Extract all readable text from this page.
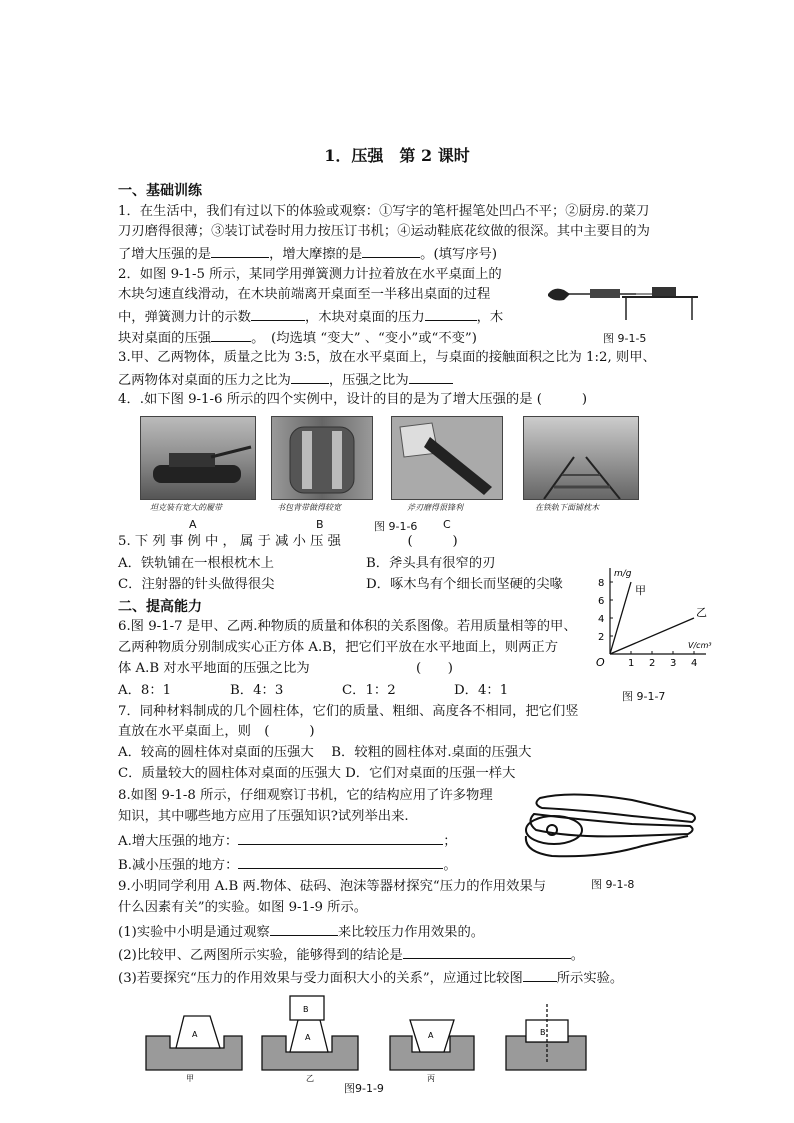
1．压强　第 2 课时
一、基础训练
1．在生活中，我们有过以下的体验或观察：①写字的笔杆握笔处凹凸不平；②厨房.的菜刀
刀刃磨得很薄；③装订试卷时用力按压订书机；④运动鞋底花纹做的很深。其中主要目的为
了增大压强的是	，增大摩擦的是	。(填写序号)
2．如图 9-1-5 所示，某同学用弹簧测力计拉着放在水平桌面上的
木块匀速直线滑动，在木块前端离开桌面至一半移出桌面的过程
中，弹簧测力计的示数	，木块对桌面的压力	，木
块对桌面的压强	。　(均选填 “变大” 、“变小”或“不变”)	图 9-1-5
3.甲、乙两物体，质量之比为 3:5，放在水平桌面上，与桌面的接触面积之比为 1:2, 则甲、
乙两物体对桌面的压力之比为	，压强之比为
4．.如下图 9-1-6 所示的四个实例中，设计的目的是为了增大压强的是 (　　　)
坦克装有宽大的履带	书包背带做得较宽	斧刃磨得很锋利	在铁轨下面铺枕木
A	B	图 9-1-6 C
5. 下 列 事 例 中 ， 属 于 减 小 压 强　　　　　(　　　)
A．铁轨铺在一根根枕木上	B．斧头具有很窄的刃
C．注射器的针头做得很尖	D．啄木鸟有个细长而坚硬的尖喙
二、提高能力
6.图 9-1-7 是甲、乙两.种物质的质量和体积的关系图像。若用质量相等的甲、
乙两种物质分别制成实心正方体 A.B，把它们平放在水平地面上，则两正方
体 A.B 对水平地面的压强之比为　　　　　　　　(　　)
A．8：1	B．4：3	C．1：2	D．4：1
1 2 3 4
2
4
6
8
O
m/g
V/cm³
甲
乙
图 9-1-7
7．同种材料制成的几个圆柱体，它们的质量、粗细、高度各不相同，把它们竖
直放在水平桌面上，则　(　　　)
A．较高的圆柱体对桌面的压强大　 B．较粗的圆柱体对.桌面的压强大
C．质量较大的圆柱体对桌面的压强大 D．它们对桌面的压强一样大
8.如图 9-1-8 所示，仔细观察订书机，它的结构应用了许多物理
知识，其中哪些地方应用了压强知识?试列举出来.
A.增大压强的地方：	；
B.减小压强的地方：	。
图 9-1-8
9.小明同学利用 A.B 两.物体、砝码、泡沫等器材探究“压力的作用效果与
什么因素有关”的实验。如图 9-1-9 所示。
(1)实验中小明是通过观察	来比较压力作用效果的。
(2)比较甲、乙两图所示实验，能够得到的结论是	。
(3)若要探究“压力的作用效果与受力面积大小的关系”，应通过比较图	所示实验。
A	A
B
A	B
甲	乙	丙
图9-1-9
